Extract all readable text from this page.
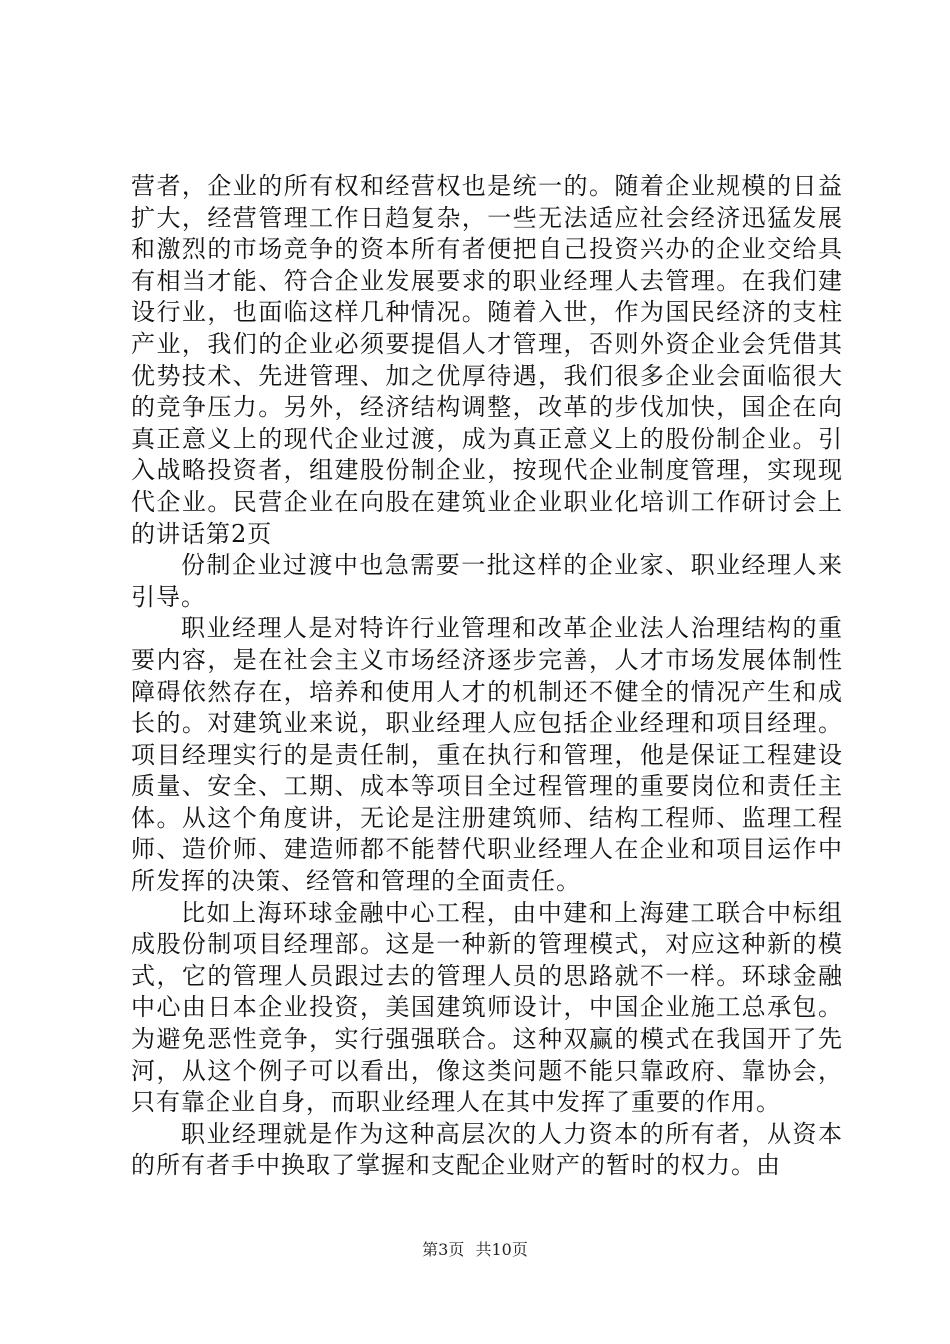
营者，企业的所有权和经营权也是统一的。随着企业规模的日益扩大，经营管理工作日趋复杂，一些无法适应社会经济迅猛发展和激烈的市场竞争的资本所有者便把自己投资兴办的企业交给具有相当才能、符合企业发展要求的职业经理人去管理。在我们建设行业，也面临这样几种情况。随着入世，作为国民经济的支柱产业，我们的企业必须要提倡人才管理，否则外资企业会凭借其优势技术、先进管理、加之优厚待遇，我们很多企业会面临很大的竞争压力。另外，经济结构调整，改革的步伐加快，国企在向真正意义上的现代企业过渡，成为真正意义上的股份制企业。引入战略投资者，组建股份制企业，按现代企业制度管理，实现现代企业。民营企业在向股在建筑业企业职业化培训工作研讨会上的讲话第2页

份制企业过渡中也急需要一批这样的企业家、职业经理人来引导。

职业经理人是对特许行业管理和改革企业法人治理结构的重要内容，是在社会主义市场经济逐步完善，人才市场发展体制性障碍依然存在，培养和使用人才的机制还不健全的情况产生和成长的。对建筑业来说，职业经理人应包括企业经理和项目经理。项目经理实行的是责任制，重在执行和管理，他是保证工程建设质量、安全、工期、成本等项目全过程管理的重要岗位和责任主体。从这个角度讲，无论是注册建筑师、结构工程师、监理工程师、造价师、建造师都不能替代职业经理人在企业和项目运作中所发挥的决策、经管和管理的全面责任。

比如上海环球金融中心工程，由中建和上海建工联合中标组成股份制项目经理部。这是一种新的管理模式，对应这种新的模式，它的管理人员跟过去的管理人员的思路就不一样。环球金融中心由日本企业投资，美国建筑师设计，中国企业施工总承包。为避免恶性竞争，实行强强联合。这种双赢的模式在我国开了先河，从这个例子可以看出，像这类问题不能只靠政府、靠协会，只有靠企业自身，而职业经理人在其中发挥了重要的作用。

职业经理就是作为这种高层次的人力资本的所有者，从资本的所有者手中换取了掌握和支配企业财产的暂时的权力。由

第3页 共10页
